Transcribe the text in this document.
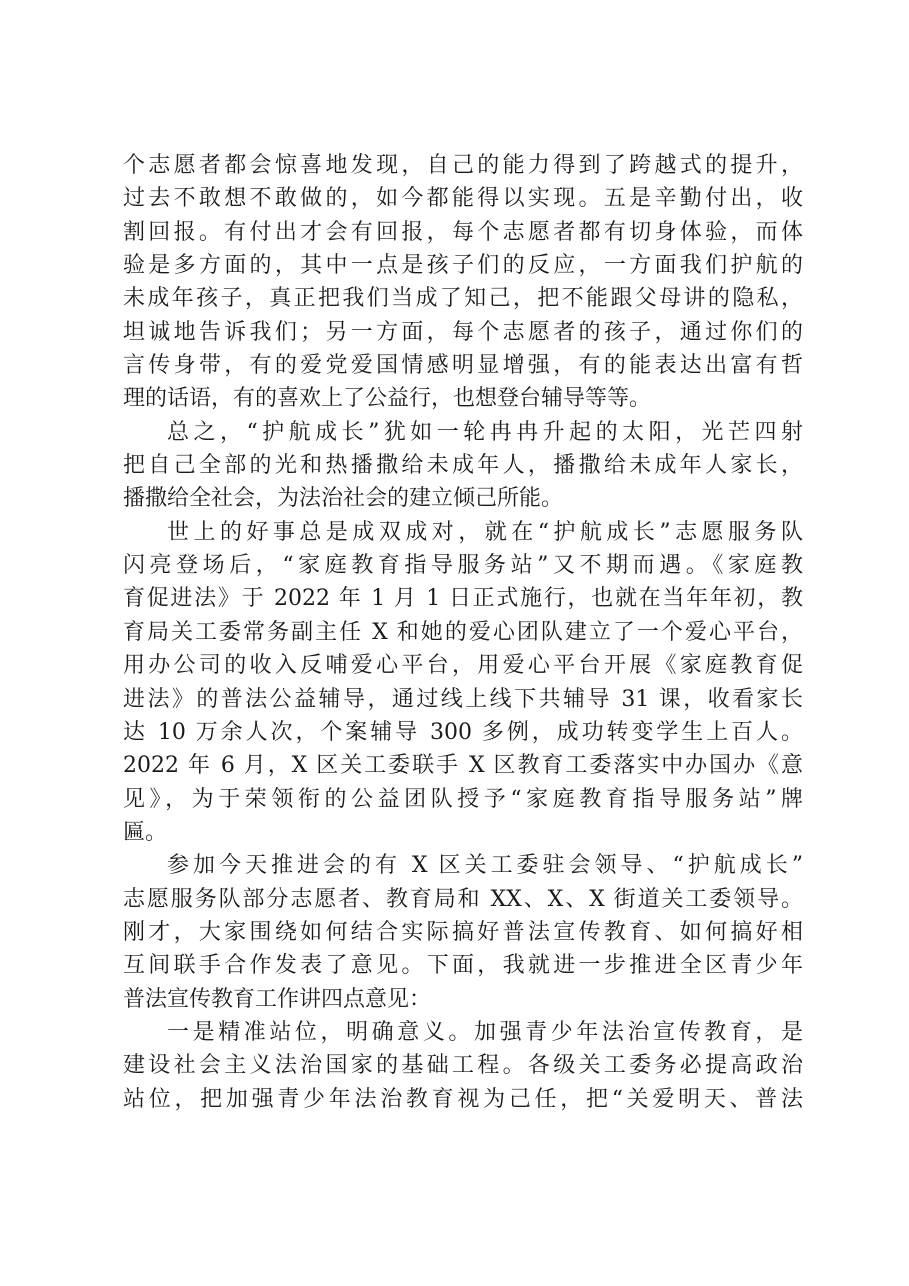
个志愿者都会惊喜地发现，自己的能力得到了跨越式的提升，
过去不敢想不敢做的，如今都能得以实现。五是辛勤付出，收
割回报。有付出才会有回报，每个志愿者都有切身体验，而体
验是多方面的，其中一点是孩子们的反应，一方面我们护航的
未成年孩子，真正把我们当成了知己，把不能跟父母讲的隐私，
坦诚地告诉我们；另一方面，每个志愿者的孩子，通过你们的
言传身带，有的爱党爱国情感明显增强，有的能表达出富有哲
理的话语，有的喜欢上了公益行，也想登台辅导等等。
总之，“护航成长”犹如一轮冉冉升起的太阳，光芒四射
把自己全部的光和热播撒给未成年人，播撒给未成年人家长，
播撒给全社会，为法治社会的建立倾己所能。
世上的好事总是成双成对，就在“护航成长”志愿服务队
闪亮登场后，“家庭教育指导服务站”又不期而遇。《家庭教
育促进法》于 2022 年 1 月 1 日正式施行，也就在当年年初，教
育局关工委常务副主任 X 和她的爱心团队建立了一个爱心平台，
用办公司的收入反哺爱心平台，用爱心平台开展《家庭教育促
进法》的普法公益辅导，通过线上线下共辅导 31 课，收看家长
达 10 万余人次，个案辅导 300 多例，成功转变学生上百人。
2022 年 6 月，X 区关工委联手 X 区教育工委落实中办国办《意
见》，为于荣领衔的公益团队授予“家庭教育指导服务站”牌
匾。
参加今天推进会的有 X 区关工委驻会领导、“护航成长”
志愿服务队部分志愿者、教育局和 XX、X、X 街道关工委领导。
刚才，大家围绕如何结合实际搞好普法宣传教育、如何搞好相
互间联手合作发表了意见。下面，我就进一步推进全区青少年
普法宣传教育工作讲四点意见：
一是精准站位，明确意义。加强青少年法治宣传教育，是
建设社会主义法治国家的基础工程。各级关工委务必提高政治
站位，把加强青少年法治教育视为己任，把“关爱明天、普法
